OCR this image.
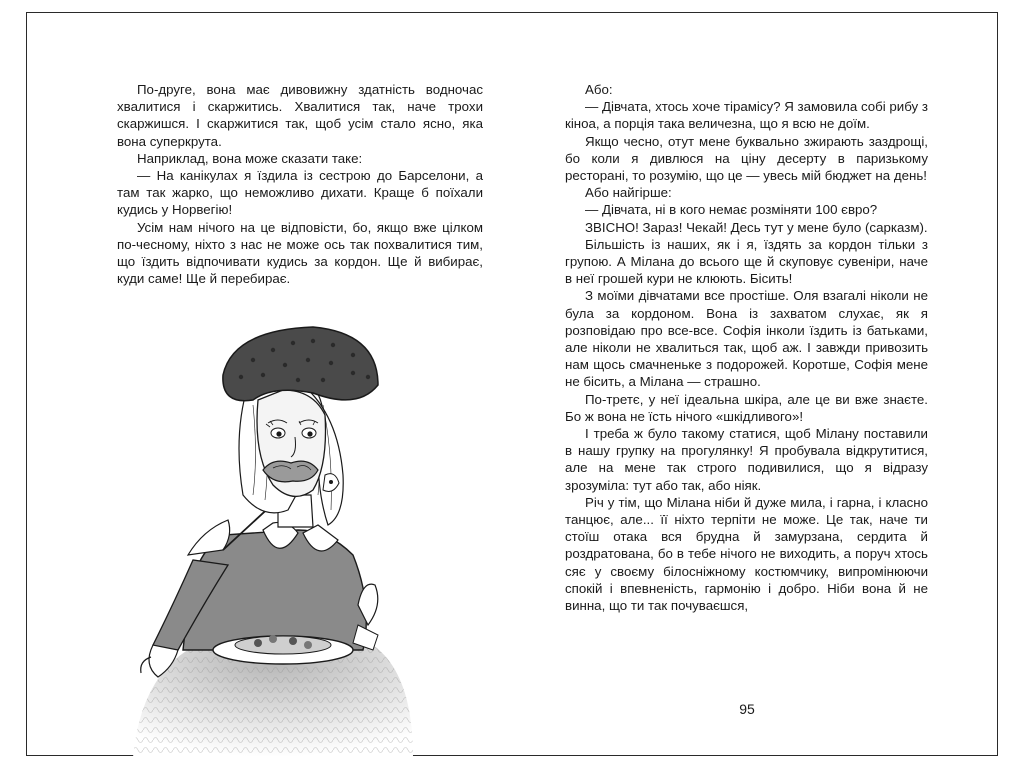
По-друге, вона має дивовижну здатність водночас хвалитися і скаржитись. Хвалитися так, наче трохи скаржишся. І скаржитися так, щоб усім стало ясно, яка вона суперкрута.

Наприклад, вона може сказати таке:

— На канікулах я їздила із сестрою до Барселони, а там так жарко, що неможливо дихати. Краще б поїхали кудись у Норвегію!

Усім нам нічого на це відповісти, бо, якщо вже цілком по-чесному, ніхто з нас не може ось так похвалитися тим, що їздить відпочивати кудись за кордон. Ще й вибирає, куди саме! Ще й перебирає.

Або:

— Дівчата, хтось хоче тірамісу? Я замовила собі рибу з кіноа, а порція така величезна, що я всю не доїм.

Якщо чесно, отут мене буквально зжирають заздрощі, бо коли я дивлюся на ціну десерту в паризькому ресторані, то розумію, що це — увесь мій бюджет на день!

Або найгірше:

— Дівчата, ні в кого немає розміняти 100 євро?

ЗВІСНО! Зараз! Чекай! Десь тут у мене було (сарказм).

Більшість із наших, як і я, їздять за кордон тільки з групою. А Мілана до всього ще й скуповує сувеніри, наче в неї грошей кури не клюють. Бісить!

З моїми дівчатами все простіше. Оля взагалі ніколи не була за кордоном. Вона із захватом слухає, як я розповідаю про все-все. Софія інколи їздить із батьками, але ніколи не хвалиться так, щоб аж. І завжди привозить нам щось смачненьке з подорожей. Коротше, Софія мене не бісить, а Мілана — страшно.

По-третє, у неї ідеальна шкіра, але це ви вже знаєте. Бо ж вона не їсть нічого «шкідливого»!

І треба ж було такому статися, щоб Мілану поставили в нашу групку на прогулянку! Я пробувала відкрутитися, але на мене так строго подивилися, що я відразу зрозуміла: тут або так, або ніяк.

Річ у тім, що Мілана ніби й дуже мила, і гарна, і класно танцює, але... її ніхто терпіти не може. Це так, наче ти стоїш отака вся брудна й замурзана, сердита й роздратована, бо в тебе нічого не виходить, а поруч хтось сяє у своєму білосніжному костюмчику, випромінюючи спокій і впевненість, гармонію і добро. Ніби вона й не винна, що ти так почуваєшся,

95
